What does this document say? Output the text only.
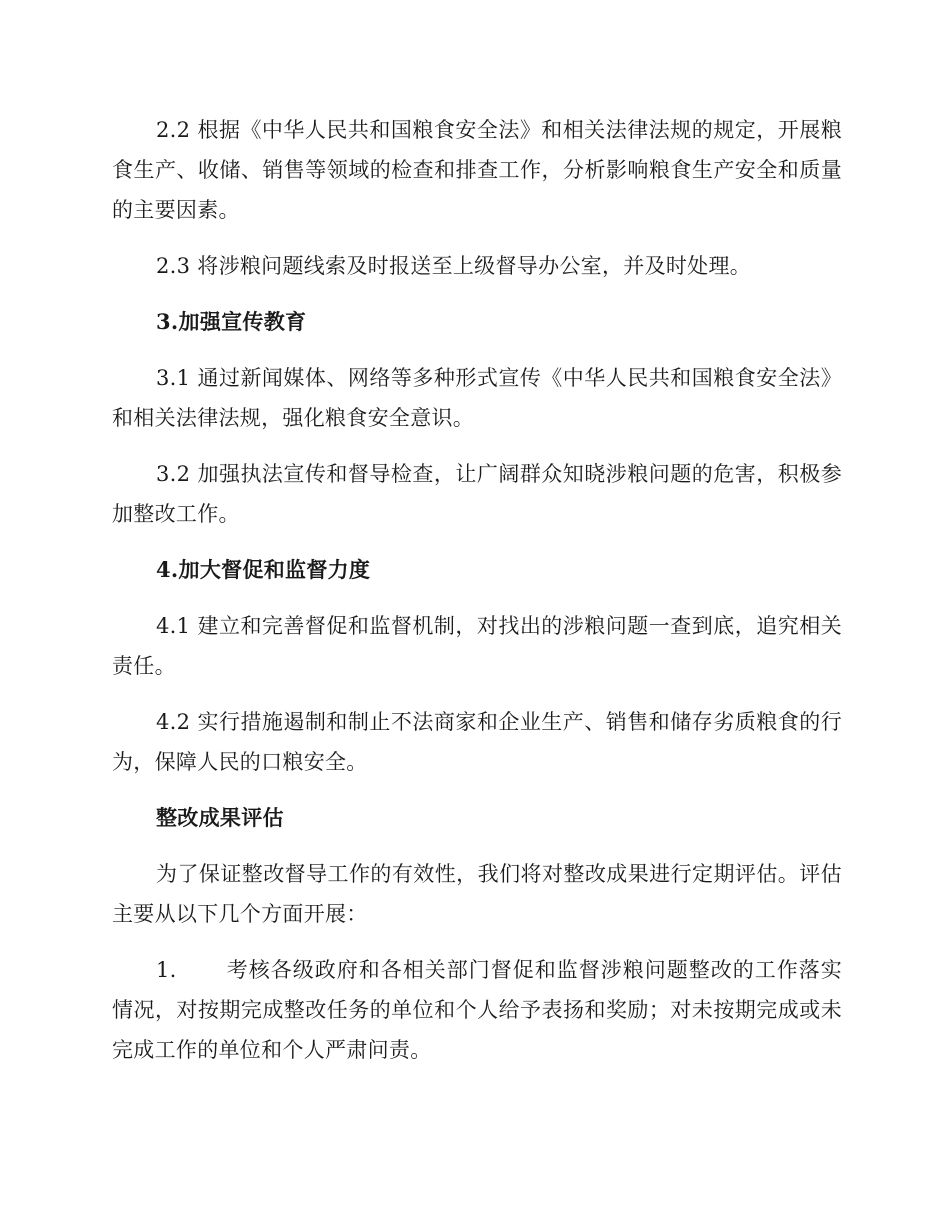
2.2 根据《中华人民共和国粮食安全法》和相关法律法规的规定，开展粮食生产、收储、销售等领域的检查和排查工作，分析影响粮食生产安全和质量的主要因素。

2.3 将涉粮问题线索及时报送至上级督导办公室，并及时处理。

3.加强宣传教育

3.1 通过新闻媒体、网络等多种形式宣传《中华人民共和国粮食安全法》和相关法律法规，强化粮食安全意识。

3.2 加强执法宣传和督导检查，让广阔群众知晓涉粮问题的危害，积极参加整改工作。

4.加大督促和监督力度

4.1 建立和完善督促和监督机制，对找出的涉粮问题一查到底，追究相关责任。

4.2 实行措施遏制和制止不法商家和企业生产、销售和储存劣质粮食的行为，保障人民的口粮安全。

整改成果评估

为了保证整改督导工作的有效性，我们将对整改成果进行定期评估。评估主要从以下几个方面开展：

1. 考核各级政府和各相关部门督促和监督涉粮问题整改的工作落实情况，对按期完成整改任务的单位和个人给予表扬和奖励；对未按期完成或未完成工作的单位和个人严肃问责。
